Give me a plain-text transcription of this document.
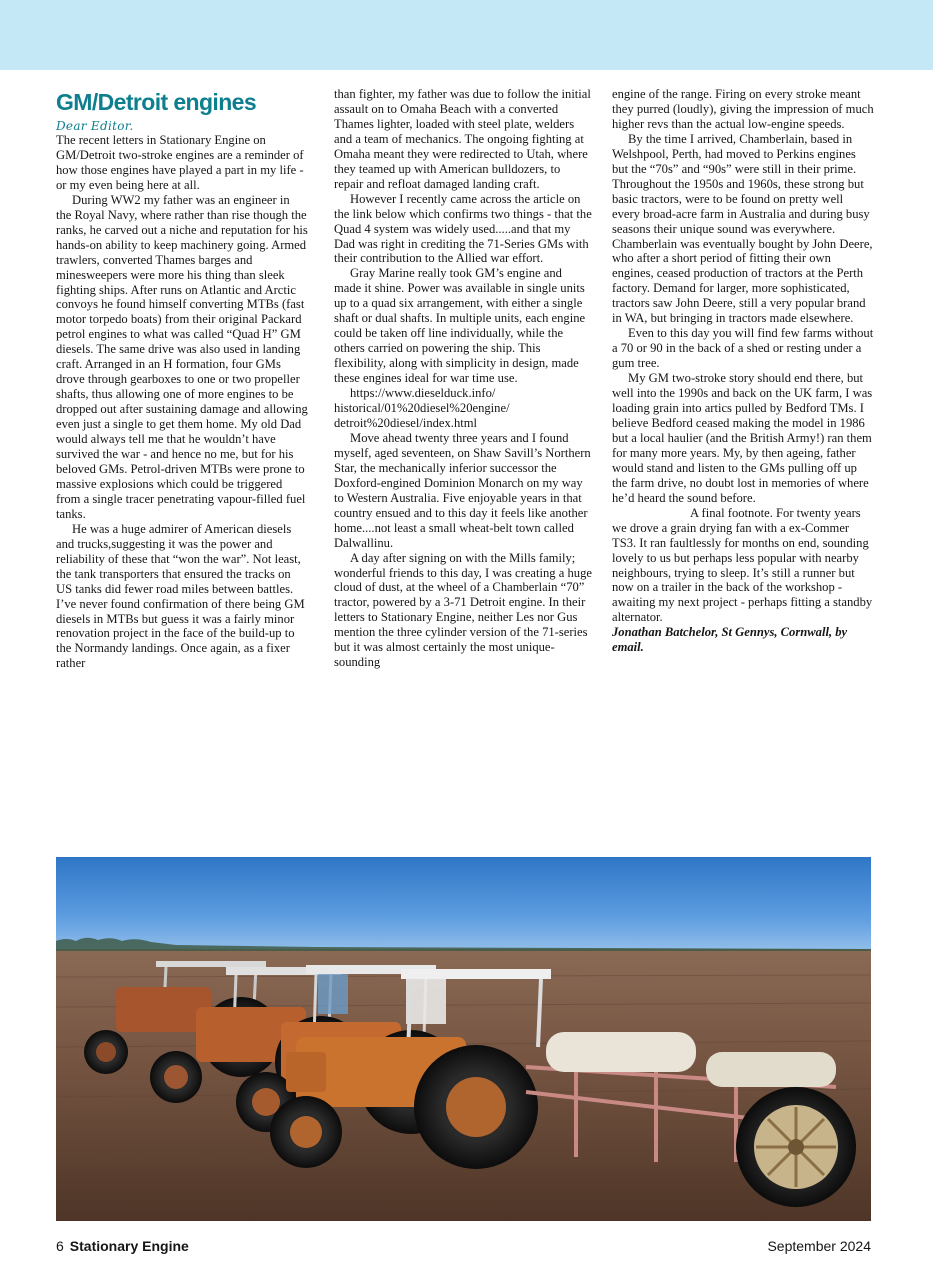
GM/Detroit engines
Dear Editor.

The recent letters in Stationary Engine on GM/Detroit two-stroke engines are a reminder of how those engines have played a part in my life - or my even being here at all.

During WW2 my father was an engineer in the Royal Navy, where rather than rise though the ranks, he carved out a niche and reputation for his hands-on ability to keep machinery going. Armed trawlers, converted Thames barges and minesweepers were more his thing than sleek fighting ships. After runs on Atlantic and Arctic convoys he found himself converting MTBs (fast motor torpedo boats) from their original Packard petrol engines to what was called “Quad H” GM diesels. The same drive was also used in landing craft. Arranged in an H formation, four GMs drove through gearboxes to one or two propeller shafts, thus allowing one of more engines to be dropped out after sustaining damage and allowing even just a single to get them home. My old Dad would always tell me that he wouldn’t have survived the war - and hence no me, but for his beloved GMs. Petrol-driven MTBs were prone to massive explosions which could be triggered from a single tracer penetrating vapour-filled fuel tanks.

He was a huge admirer of American diesels and trucks,suggesting it was the power and reliability of these that “won the war”. Not least, the tank transporters that ensured the tracks on US tanks did fewer road miles between battles. I’ve never found confirmation of there being GM diesels in MTBs but guess it was a fairly minor renovation project in the face of the build-up to the Normandy landings. Once again, as a fixer rather

than fighter, my father was due to follow the initial assault on to Omaha Beach with a converted Thames lighter, loaded with steel plate, welders and a team of mechanics. The ongoing fighting at Omaha meant they were redirected to Utah, where they teamed up with American bulldozers, to repair and refloat damaged landing craft.

However I recently came across the article on the link below which confirms two things - that the Quad 4 system was widely used.....and that my Dad was right in crediting the 71-Series GMs with their contribution to the Allied war effort.

Gray Marine really took GM’s engine and made it shine. Power was available in single units up to a quad six arrangement, with either a single shaft or dual shafts. In multiple units, each engine could be taken off line individually, while the others carried on powering the ship. This flexibility, along with simplicity in design, made these engines ideal for war time use.

https://www.dieselduck.info/ historical/01%20diesel%20engine/ detroit%20diesel/index.html

Move ahead twenty three years and I found myself, aged seventeen, on Shaw Savill’s Northern Star, the mechanically inferior successor the Doxford-engined Dominion Monarch on my way to Western Australia. Five enjoyable years in that country ensued and to this day it feels like another home....not least a small wheat-belt town called Dalwallinu.

A day after signing on with the Mills family; wonderful friends to this day, I was creating a huge cloud of dust, at the wheel of a Chamberlain “70” tractor, powered by a 3-71 Detroit engine. In their letters to Stationary Engine, neither Les nor Gus mention the three cylinder version of the 71-series but it was almost certainly the most unique-sounding

engine of the range. Firing on every stroke meant they purred (loudly), giving the impression of much higher revs than the actual low-engine speeds.

By the time I arrived, Chamberlain, based in Welshpool, Perth, had moved to Perkins engines but the “70s” and “90s” were still in their prime. Throughout the 1950s and 1960s, these strong but basic tractors, were to be found on pretty well every broad-acre farm in Australia and during busy seasons their unique sound was everywhere. Chamberlain was eventually bought by John Deere, who after a short period of fitting their own engines, ceased production of tractors at the Perth factory. Demand for larger, more sophisticated, tractors saw John Deere, still a very popular brand in WA, but bringing in tractors made elsewhere.

Even to this day you will find few farms without a 70 or 90 in the back of a shed or resting under a gum tree.

My GM two-stroke story should end there, but well into the 1990s and back on the UK farm, I was loading grain into artics pulled by Bedford TMs. I believe Bedford ceased making the model in 1986 but a local haulier (and the British Army!) ran them for many more years. My, by then ageing, father would stand and listen to the GMs pulling off up the farm drive, no doubt lost in memories of where he’d heard the sound before.

A final footnote. For twenty years we drove a grain drying fan with a ex-Commer TS3. It ran faultlessly for months on end, sounding lovely to us but perhaps less popular with nearby neighbours, trying to sleep. It’s still a runner but now on a trailer in the back of the workshop - awaiting my next project - perhaps fitting a standby alternator.

Jonathan Batchelor, St Gennys, Cornwall, by email.

6 Stationary Engine	September 2024
